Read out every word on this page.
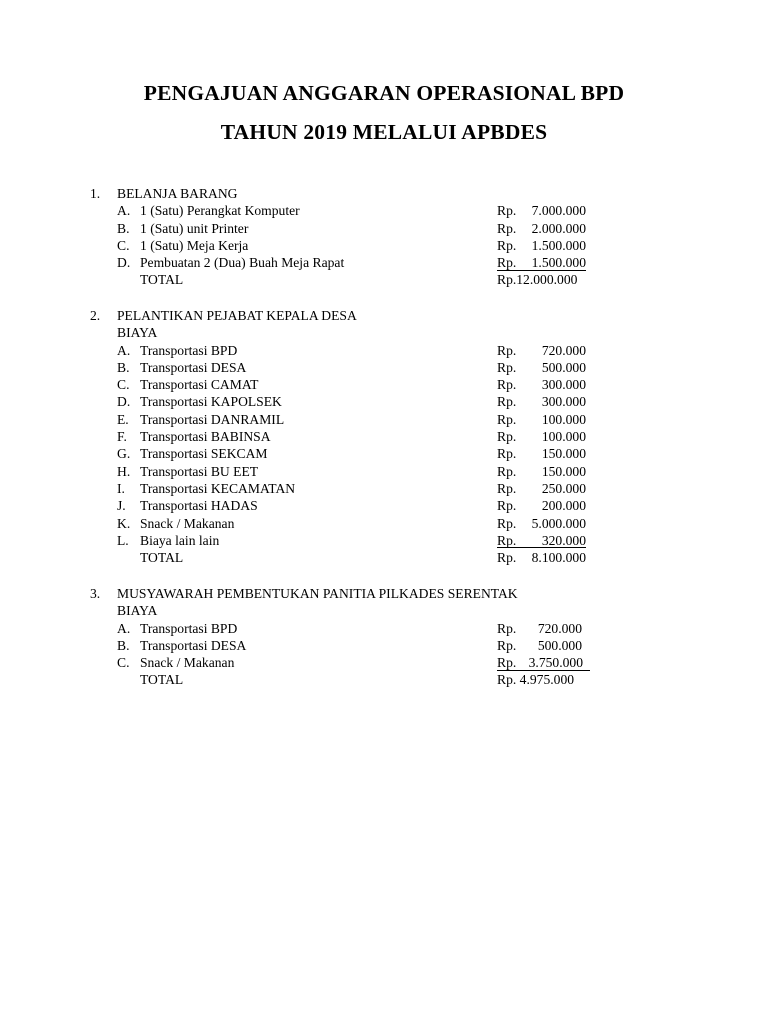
PENGAJUAN ANGGARAN OPERASIONAL BPD
TAHUN 2019 MELALUI APBDES
1. BELANJA BARANG
A. 1 (Satu) Perangkat Komputer	Rp. 7.000.000
B. 1 (Satu) unit Printer	Rp. 2.000.000
C. 1 (Satu) Meja Kerja	Rp. 1.500.000
D. Pembuatan 2 (Dua) Buah Meja Rapat	Rp. 1.500.000
TOTAL	Rp.12.000.000
2. PELANTIKAN PEJABAT KEPALA DESA
BIAYA
A. Transportasi BPD	Rp. 720.000
B. Transportasi DESA	Rp. 500.000
C. Transportasi CAMAT	Rp. 300.000
D. Transportasi KAPOLSEK	Rp. 300.000
E. Transportasi DANRAMIL	Rp. 100.000
F. Transportasi BABINSA	Rp. 100.000
G. Transportasi SEKCAM	Rp. 150.000
H. Transportasi BU EET	Rp. 150.000
I. Transportasi KECAMATAN	Rp. 250.000
J. Transportasi HADAS	Rp. 200.000
K. Snack / Makanan	Rp. 5.000.000
L. Biaya lain lain	Rp. 320.000
TOTAL	Rp. 8.100.000
3. MUSYAWARAH PEMBENTUKAN PANITIA PILKADES SERENTAK
BIAYA
A. Transportasi BPD	Rp. 720.000
B. Transportasi DESA	Rp. 500.000
C. Snack / Makanan	Rp. 3.750.000
TOTAL	Rp. 4.975.000
